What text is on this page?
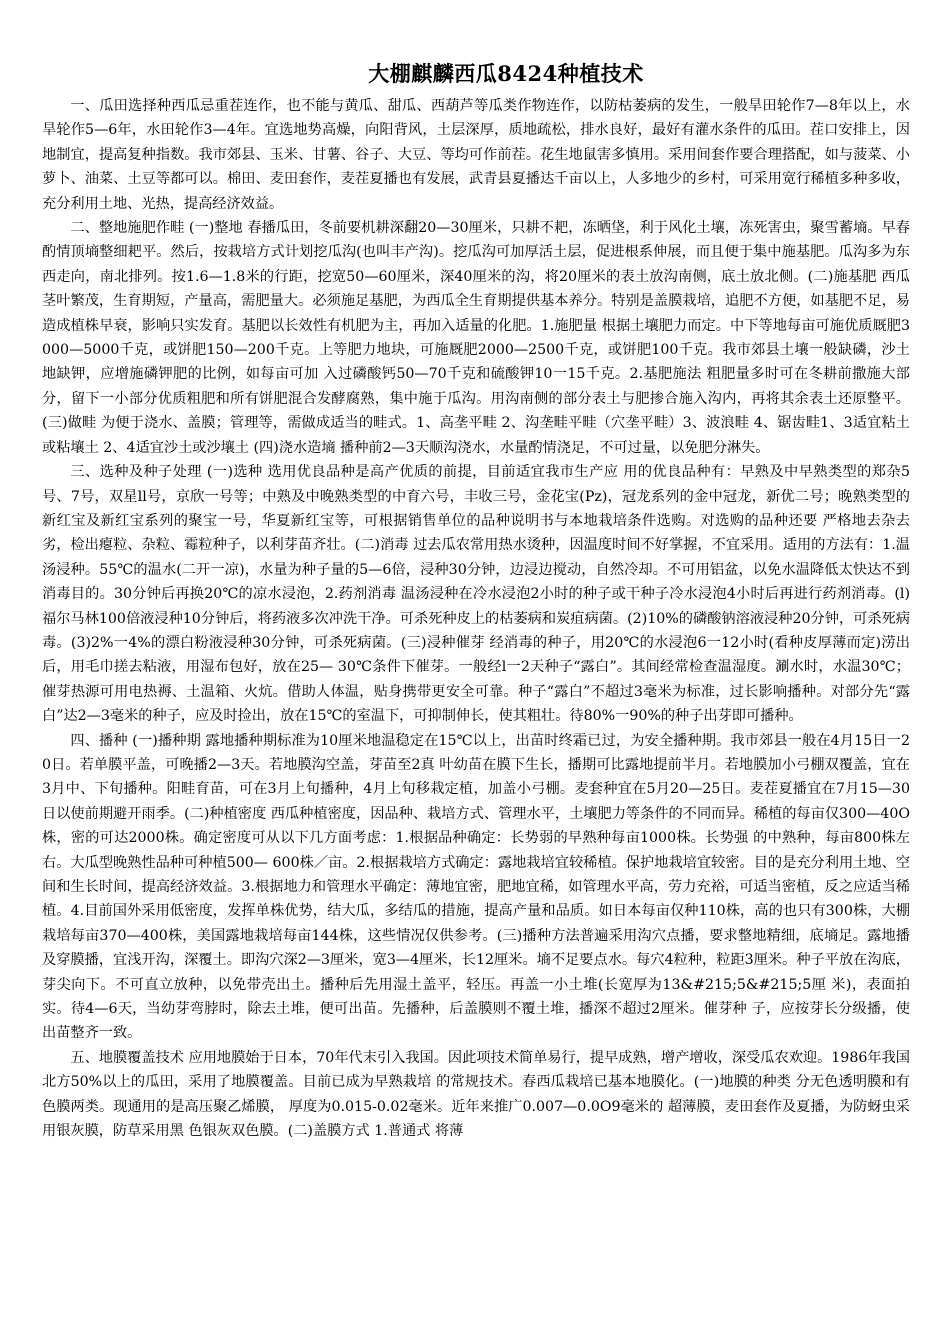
大棚麒麟西瓜8424种植技术

一、瓜田选择种西瓜忌重茬连作，也不能与黄瓜、甜瓜、西葫芦等瓜类作物连作，以防枯萎病的发生，一般旱田轮作7—8年以上，水旱轮作5—6年，水田轮作3—4年。宜选地势高燥，向阳背风，土层深厚，质地疏松，排水良好，最好有灌水条件的瓜田。茬口安排上，因地制宜，提高复种指数。我市郊县、玉米、甘薯、谷子、大豆、等均可作前茬。花生地鼠害多慎用。采用间套作要合理搭配，如与菠菜、小萝卜、油菜、土豆等都可以。棉田、麦田套作，麦茬夏播也有发展，武青县夏播达千亩以上，人多地少的乡村，可采用宽行稀植多种多收，充分利用土地、光热，提高经济效益。

二、整地施肥作畦 (一)整地 春播瓜田，冬前要机耕深翻20—30厘米，只耕不耙，冻晒垡，利于风化土壤，冻死害虫，聚雪蓄墒。早春酌情顶墒整细耙平。然后，按栽培方式计划挖瓜沟(也叫丰产沟)。挖瓜沟可加厚活土层，促进根系伸展，而且便于集中施基肥。瓜沟多为东西走向，南北排列。按1.6—1.8米的行距，挖宽50—60厘米，深40厘米的沟，将20厘米的表土放沟南侧，底土放北侧。(二)施基肥 西瓜茎叶繁茂，生育期短，产量高，需肥量大。必须施足基肥，为西瓜全生育期提供基本养分。特别是盖膜栽培，追肥不方便，如基肥不足，易造成植株早衰，影响只实发育。基肥以长效性有机肥为主，再加入适量的化肥。1.施肥量 根据土壤肥力而定。中下等地每亩可施优质厩肥3000—5000千克，或饼肥150—200千克。上等肥力地块，可施厩肥2000—2500千克，或饼肥100千克。我市郊县土壤一般缺磷，沙土地缺钾，应增施磷钾肥的比例，如每亩可加 入过磷酸钙50—70千克和硫酸钾10一15千克。2.基肥施法 粗肥量多时可在冬耕前撒施大部分，留下一小部分优质粗肥和所有饼肥混合发酵腐熟，集中施于瓜沟。用沟南侧的部分表土与肥掺合施入沟内，再将其余表土还原整平。(三)做畦 为便于浇水、盖膜；管理等，需做成适当的畦式。1、高垄平畦 2、沟垄畦平畦（穴垄平畦）3、波浪畦 4、锯齿畦1、3适宜粘土或粘壤土 2、4适宜沙土或沙壤土 (四)浇水造墒 播种前2—3天顺沟浇水，水量酌情浇足，不可过量，以免肥分淋失。

三、选种及种子处理 (一)选种 选用优良品种是高产优质的前提，目前适宜我市生产应 用的优良品种有：早熟及中早熟类型的郑杂5号、7号，双星ll号，京欣一号等；中熟及中晚熟类型的中育六号，丰收三号，金花宝(Pz)，冠龙系列的金中冠龙，新优二号；晚熟类型的新红宝及新红宝系列的聚宝一号，华夏新红宝等，可根据销售单位的品种说明书与本地栽培条件选购。对选购的品种还要 严格地去杂去劣，检出瘪粒、杂粒、霉粒种子，以利芽苗齐壮。(二)消毒 过去瓜农常用热水烫种，因温度时间不好掌握，不宜采用。适用的方法有：1.温汤浸种。55℃的温水(二开一凉)，水量为种子量的5—6倍，浸种30分钟，边浸边搅动，自然冷却。不可用铝盆，以免水温降低太快达不到消毒目的。30分钟后再换20℃的凉水浸泡，2.药剂消毒 温汤浸种在冷水浸泡2小时的种子或干种子冷水浸泡4小时后再进行药剂消毒。(l)福尔马林100倍液浸种10分钟后，将药液多次冲洗干净。可杀死种皮上的枯萎病和炭疽病菌。(2)10%的磷酸钠溶液浸种20分钟，可杀死病毒。(3)2%一4%的漂白粉液浸种30分钟，可杀死病菌。(三)浸种催芽 经消毒的种子，用20℃的水浸泡6一12小时(看种皮厚薄而定)涝出后，用毛巾搓去粘液，用湿布包好，放在25— 30℃条件下催芽。一般经l一2天种子“露白”。其间经常检查温湿度。涮水时，水温30℃；催芽热源可用电热褥、土温箱、火炕。借助人体温，贴身携带更安全可靠。种子“露白”不超过3毫米为标准，过长影响播种。对部分先“露白”达2—3毫米的种子，应及时捡出，放在15℃的室温下，可抑制伸长，使其粗壮。待80%一90%的种子出芽即可播种。

四、播种 (一)播种期 露地播种期标准为10厘米地温稳定在15℃以上，出苗时终霜已过，为安全播种期。我市郊县一般在4月15日一20日。若单膜平盖，可晚播2—3天。若地膜沟空盖，芽苗至2真 叶幼苗在膜下生长，播期可比露地提前半月。若地膜加小弓棚双覆盖，宜在3月中、下旬播种。阳畦育苗，可在3月上旬播种，4月上旬移栽定植，加盖小弓棚。麦套种宜在5月20—25日。麦茬夏播宜在7月15—30日以使前期避开雨季。(二)种植密度 西瓜种植密度，因品种、栽培方式、管理水平，土壤肥力等条件的不同而异。稀植的每亩仅300—40O株，密的可达2000株。确定密度可从以下几方面考虑：1.根据品种确定：长势弱的早熟种每亩1000株。长势强 的中熟种，每亩800株左右。大瓜型晚熟性品种可种植500— 600株／亩。2.根据栽培方式确定：露地栽培宜较稀植。保护地栽培宜较密。目的是充分利用土地、空间和生长时间，提高经济效益。3.根据地力和管理水平确定：薄地宜密，肥地宜稀，如管理水平高，劳力充裕，可适当密植，反之应适当稀植。4.目前国外采用低密度，发挥单株优势，结大瓜，多结瓜的措施，提高产量和品质。如日本每亩仅种110株，高的也只有300株，大棚栽培每亩370—400株，美国露地栽培每亩144株，这些情况仅供参考。(三)播种方法普遍采用沟穴点播，要求整地精细，底墒足。露地播及穿膜播，宜浅开沟，深覆土。即沟穴深2—3厘米，宽3—4厘米，长12厘米。墒不足要点水。每穴4粒种，粒距3厘米。种子平放在沟底，芽尖向下。不可直立放种，以免带壳出土。播种后先用湿土盖平，轻压。再盖一小土堆(长宽厚为13&#215;5&#215;5厘 米)，表面拍实。待4—6天，当幼芽弯脖时，除去土堆，便可出苗。先播种，后盖膜则不覆土堆，播深不超过2厘米。催芽种 子，应按芽长分级播，使出苗整齐一致。

五、地膜覆盖技术 应用地膜始于日本，70年代末引入我国。因此项技术简单易行，提早成熟，增产增收，深受瓜农欢迎。1986年我国北方50%以上的瓜田，采用了地膜覆盖。目前已成为早熟栽培 的常规技术。春西瓜栽培已基本地膜化。(一)地膜的种类 分无色透明膜和有色膜两类。现通用的是高压聚乙烯膜， 厚度为0.015-0.02毫米。近年来推广0.007—0.0O9毫米的 超薄膜，麦田套作及夏播，为防蚜虫采用银灰膜，防草采用黑 色银灰双色膜。(二)盖膜方式 1.普通式 将薄
